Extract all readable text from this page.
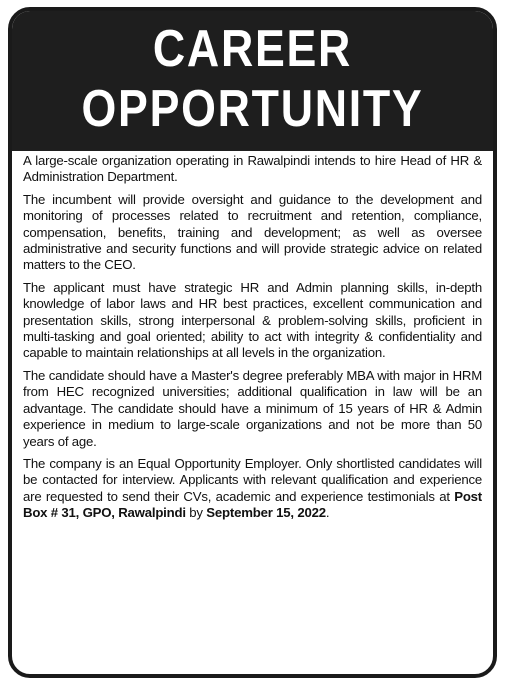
CAREER
OPPORTUNITY

A large-scale organization operating in Rawalpindi intends to hire Head of HR & Administration Department.

The incumbent will provide oversight and guidance to the development and monitoring of processes related to recruitment and retention, compliance, compensation, benefits, training and development; as well as oversee administrative and security functions and will provide strategic advice on related matters to the CEO.

The applicant must have strategic HR and Admin planning skills, in-depth knowledge of labor laws and HR best practices, excellent communication and presentation skills, strong interpersonal & problem-solving skills, proficient in multi-tasking and goal oriented; ability to act with integrity & confidentiality and capable to maintain relationships at all levels in the organization.

The candidate should have a Master's degree preferably MBA with major in HRM from HEC recognized universities; additional qualification in law will be an advantage. The candidate should have a minimum of 15 years of HR & Admin experience in medium to large-scale organizations and not be more than 50 years of age.

The company is an Equal Opportunity Employer. Only shortlisted candidates will be contacted for interview. Applicants with relevant qualification and experience are requested to send their CVs, academic and experience testimonials at Post Box # 31, GPO, Rawalpindi by September 15, 2022.
